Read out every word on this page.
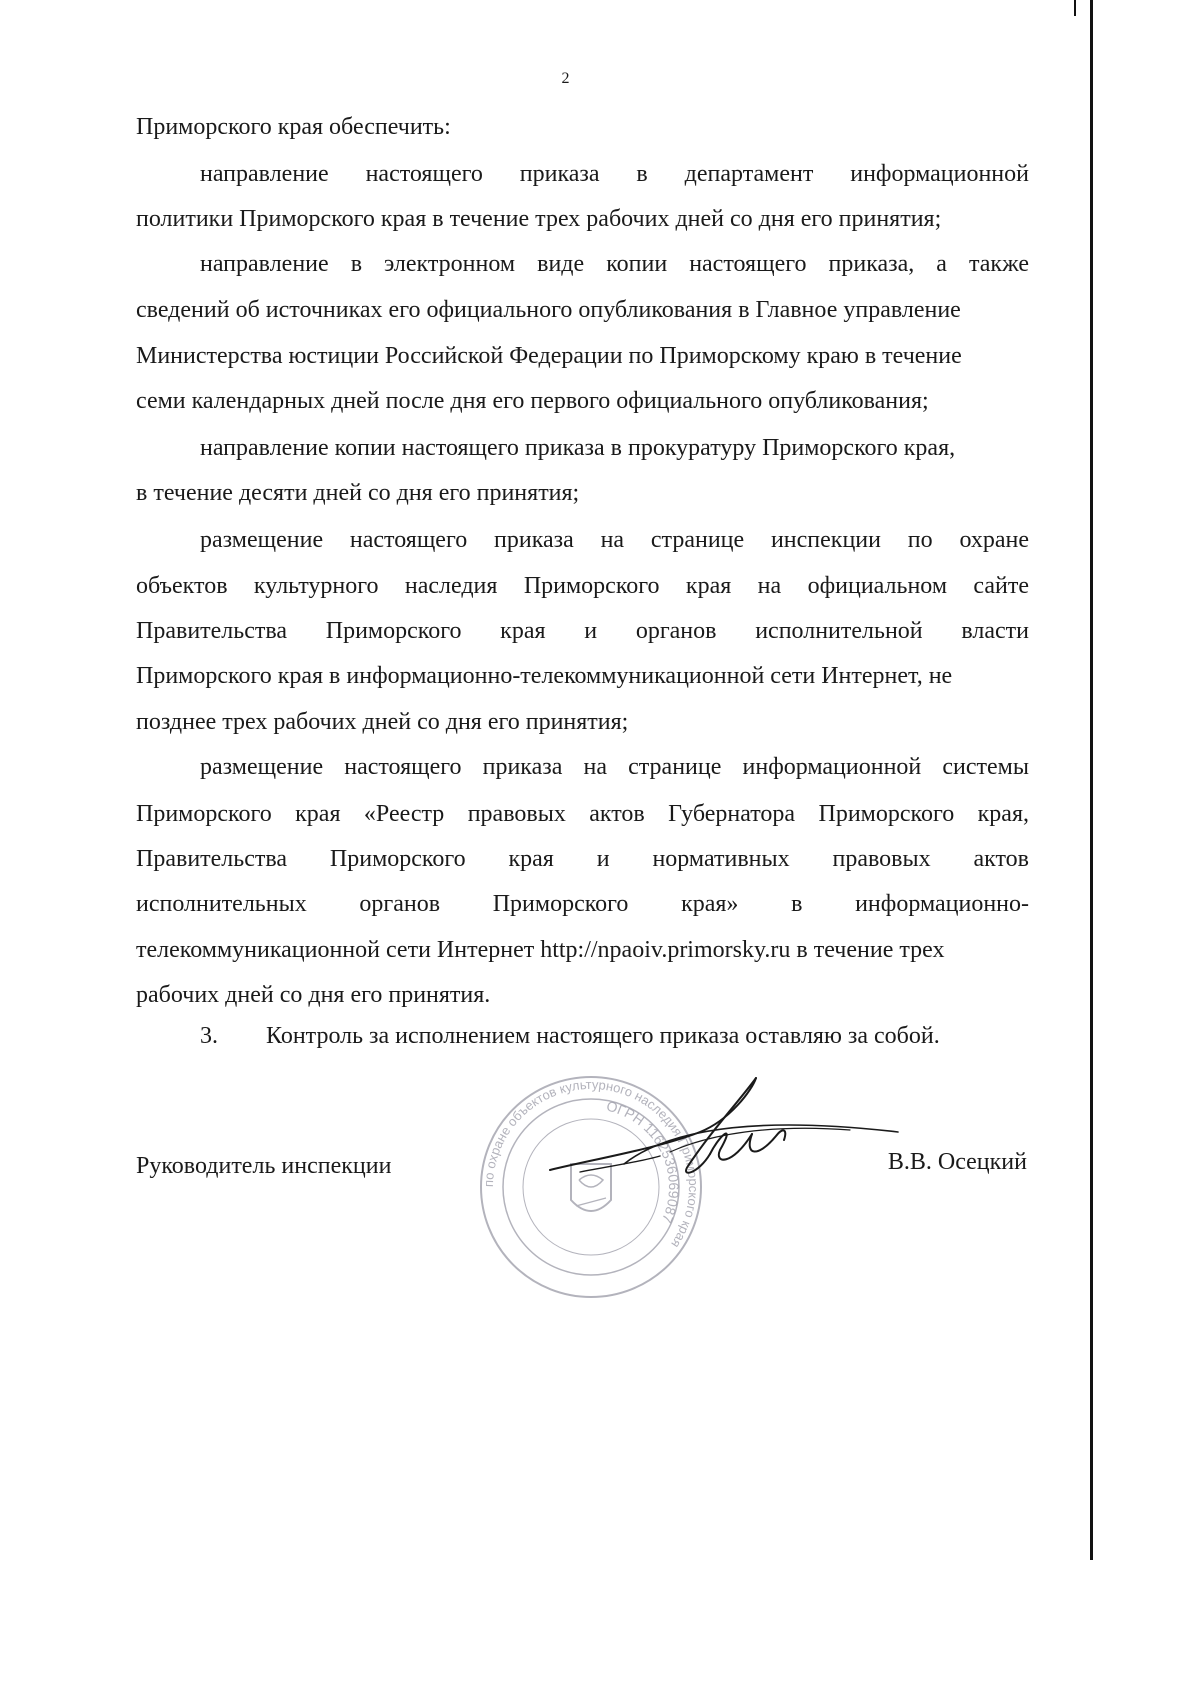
2
Приморского края обеспечить:
направление настоящего приказа в департамент информационной
политики Приморского края в течение трех рабочих дней со дня его принятия;
направление в электронном виде копии настоящего приказа, а также
сведений об источниках его официального опубликования в Главное управление
Министерства юстиции Российской Федерации по Приморскому краю в течение
семи календарных дней после дня его первого официального опубликования;
направление копии настоящего приказа в прокуратуру Приморского края,
в течение десяти дней со дня его принятия;
размещение настоящего приказа на странице инспекции по охране
объектов культурного наследия Приморского края на официальном сайте
Правительства Приморского края и органов исполнительной власти
Приморского края в информационно-телекоммуникационной сети Интернет, не
позднее трех рабочих дней со дня его принятия;
размещение настоящего приказа на странице информационной системы
Приморского края «Реестр правовых актов Губернатора Приморского края,
Правительства Приморского края и нормативных правовых актов
исполнительных органов Приморского края» в информационно-
телекоммуникационной сети Интернет http://npaoiv.primorsky.ru в течение трех
рабочих дней со дня его принятия.
3. Контроль за исполнением настоящего приказа оставляю за собой.
Руководитель инспекции	В.В. Осецкий
по охране объектов культурного наследия Приморского края
ОГРН 1162536069087
